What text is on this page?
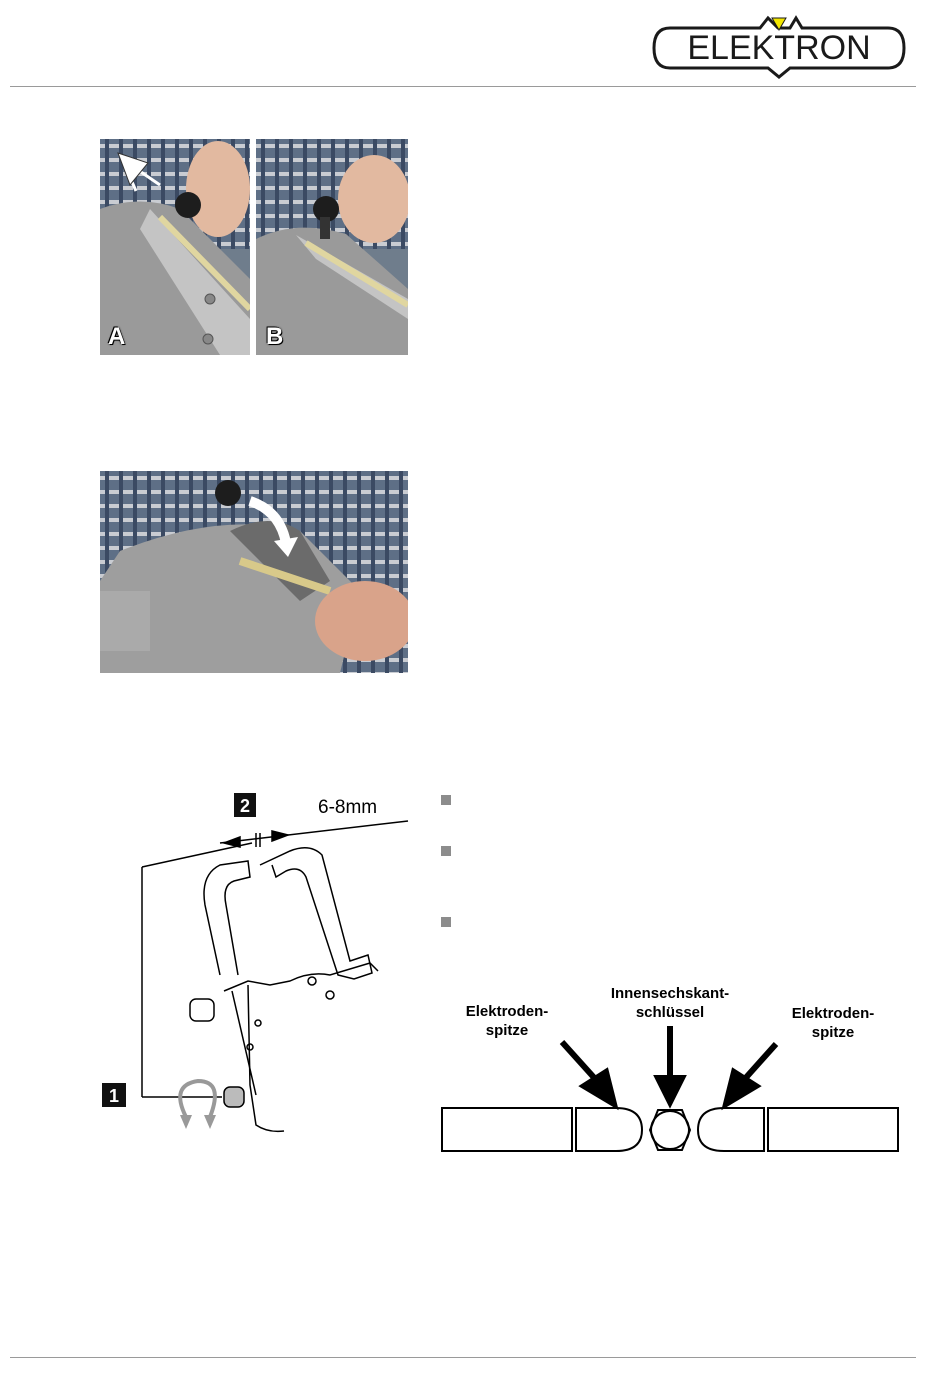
ELEKTRON
A	B
2
1
6-8mm
Elektroden-
spitze
Innensechskant-
schlüssel	Elektroden-
spitze
